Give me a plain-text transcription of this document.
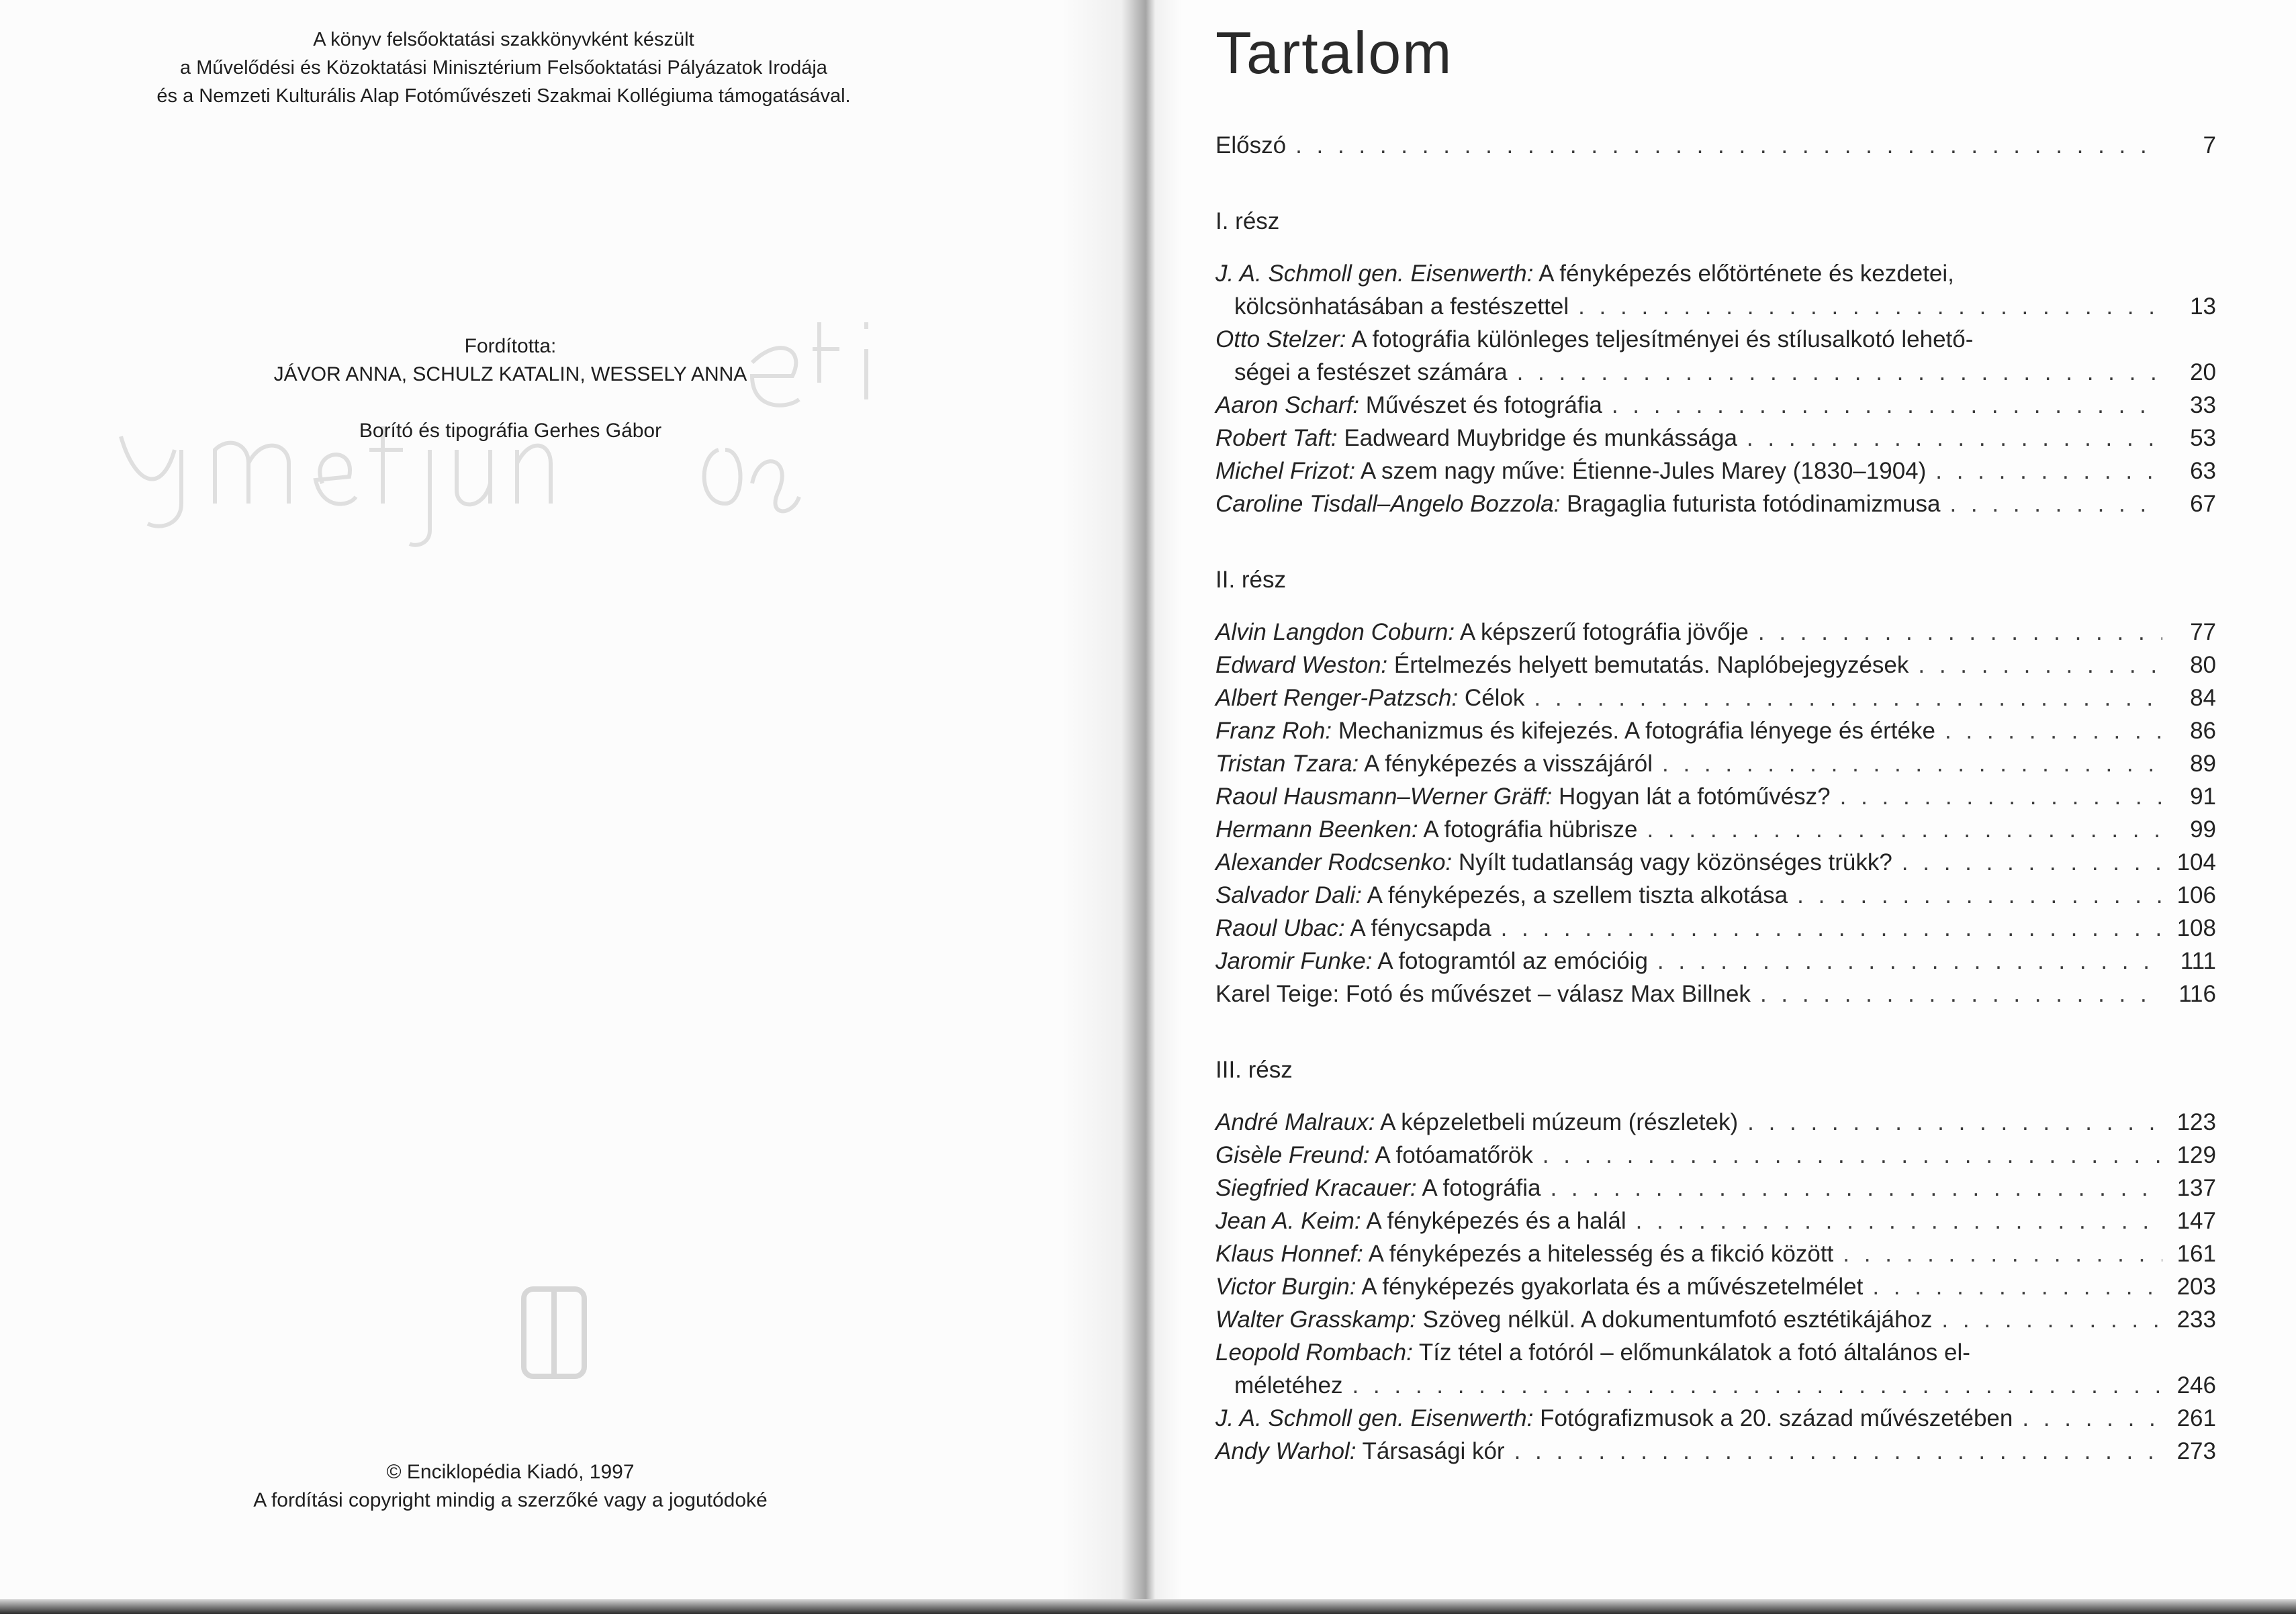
A könyv felsőoktatási szakkönyvként készült
a Művelődési és Közoktatási Minisztérium Felsőoktatási Pályázatok Irodája
és a Nemzeti Kulturális Alap Fotóművészeti Szakmai Kollégiuma támogatásával.
Fordította:
JÁVOR ANNA, SCHULZ KATALIN, WESSELY ANNA
Borító és tipográfia Gerhes Gábor
© Enciklopédia Kiadó, 1997
A fordítási copyright mindig a szerzőké vagy a jogutódoké
Tartalom
Előszó . . .	7
I. rész
J. A. Schmoll gen. Eisenwerth: A fényképezés előtörténete és kezdetei,
kölcsönhatásában a festészettel . . .	13
Otto Stelzer: A fotográfia különleges teljesítményei és stílusalkotó lehető-
ségei a festészet számára . . .	20
Aaron Scharf: Művészet és fotográfia . . .	33
Robert Taft: Eadweard Muybridge és munkássága . . .	53
Michel Frizot: A szem nagy műve: Étienne-Jules Marey (1830–1904) . . .	63
Caroline Tisdall–Angelo Bozzola: Bragaglia futurista fotódinamizmusa . . .	67
II. rész
Alvin Langdon Coburn: A képszerű fotográfia jövője . . .	77
Edward Weston: Értelmezés helyett bemutatás. Naplóbejegyzések . . .	80
Albert Renger-Patzsch: Célok . . .	84
Franz Roh: Mechanizmus és kifejezés. A fotográfia lényege és értéke . . .	86
Tristan Tzara: A fényképezés a visszájáról . . .	89
Raoul Hausmann–Werner Gräff: Hogyan lát a fotóművész? . . .	91
Hermann Beenken: A fotográfia hübrisze . . .	99
Alexander Rodcsenko: Nyílt tudatlanság vagy közönséges trükk? . . .	104
Salvador Dali: A fényképezés, a szellem tiszta alkotása . . .	106
Raoul Ubac: A fénycsapda . . .	108
Jaromir Funke: A fotogramtól az emócióig . . .	111
Karel Teige: Fotó és művészet – válasz Max Billnek . . .	116
III. rész
André Malraux: A képzeletbeli múzeum (részletek) . . .	123
Gisèle Freund: A fotóamatőrök . . .	129
Siegfried Kracauer: A fotográfia . . .	137
Jean A. Keim: A fényképezés és a halál . . .	147
Klaus Honnef: A fényképezés a hitelesség és a fikció között . . .	161
Victor Burgin: A fényképezés gyakorlata és a művészetelmélet . . .	203
Walter Grasskamp: Szöveg nélkül. A dokumentumfotó esztétikájához . . .	233
Leopold Rombach: Tíz tétel a fotóról – előmunkálatok a fotó általános el-
méletéhez . . .	246
J. A. Schmoll gen. Eisenwerth: Fotógrafizmusok a 20. század művészetében . . .	261
Andy Warhol: Társasági kór . . .	273
